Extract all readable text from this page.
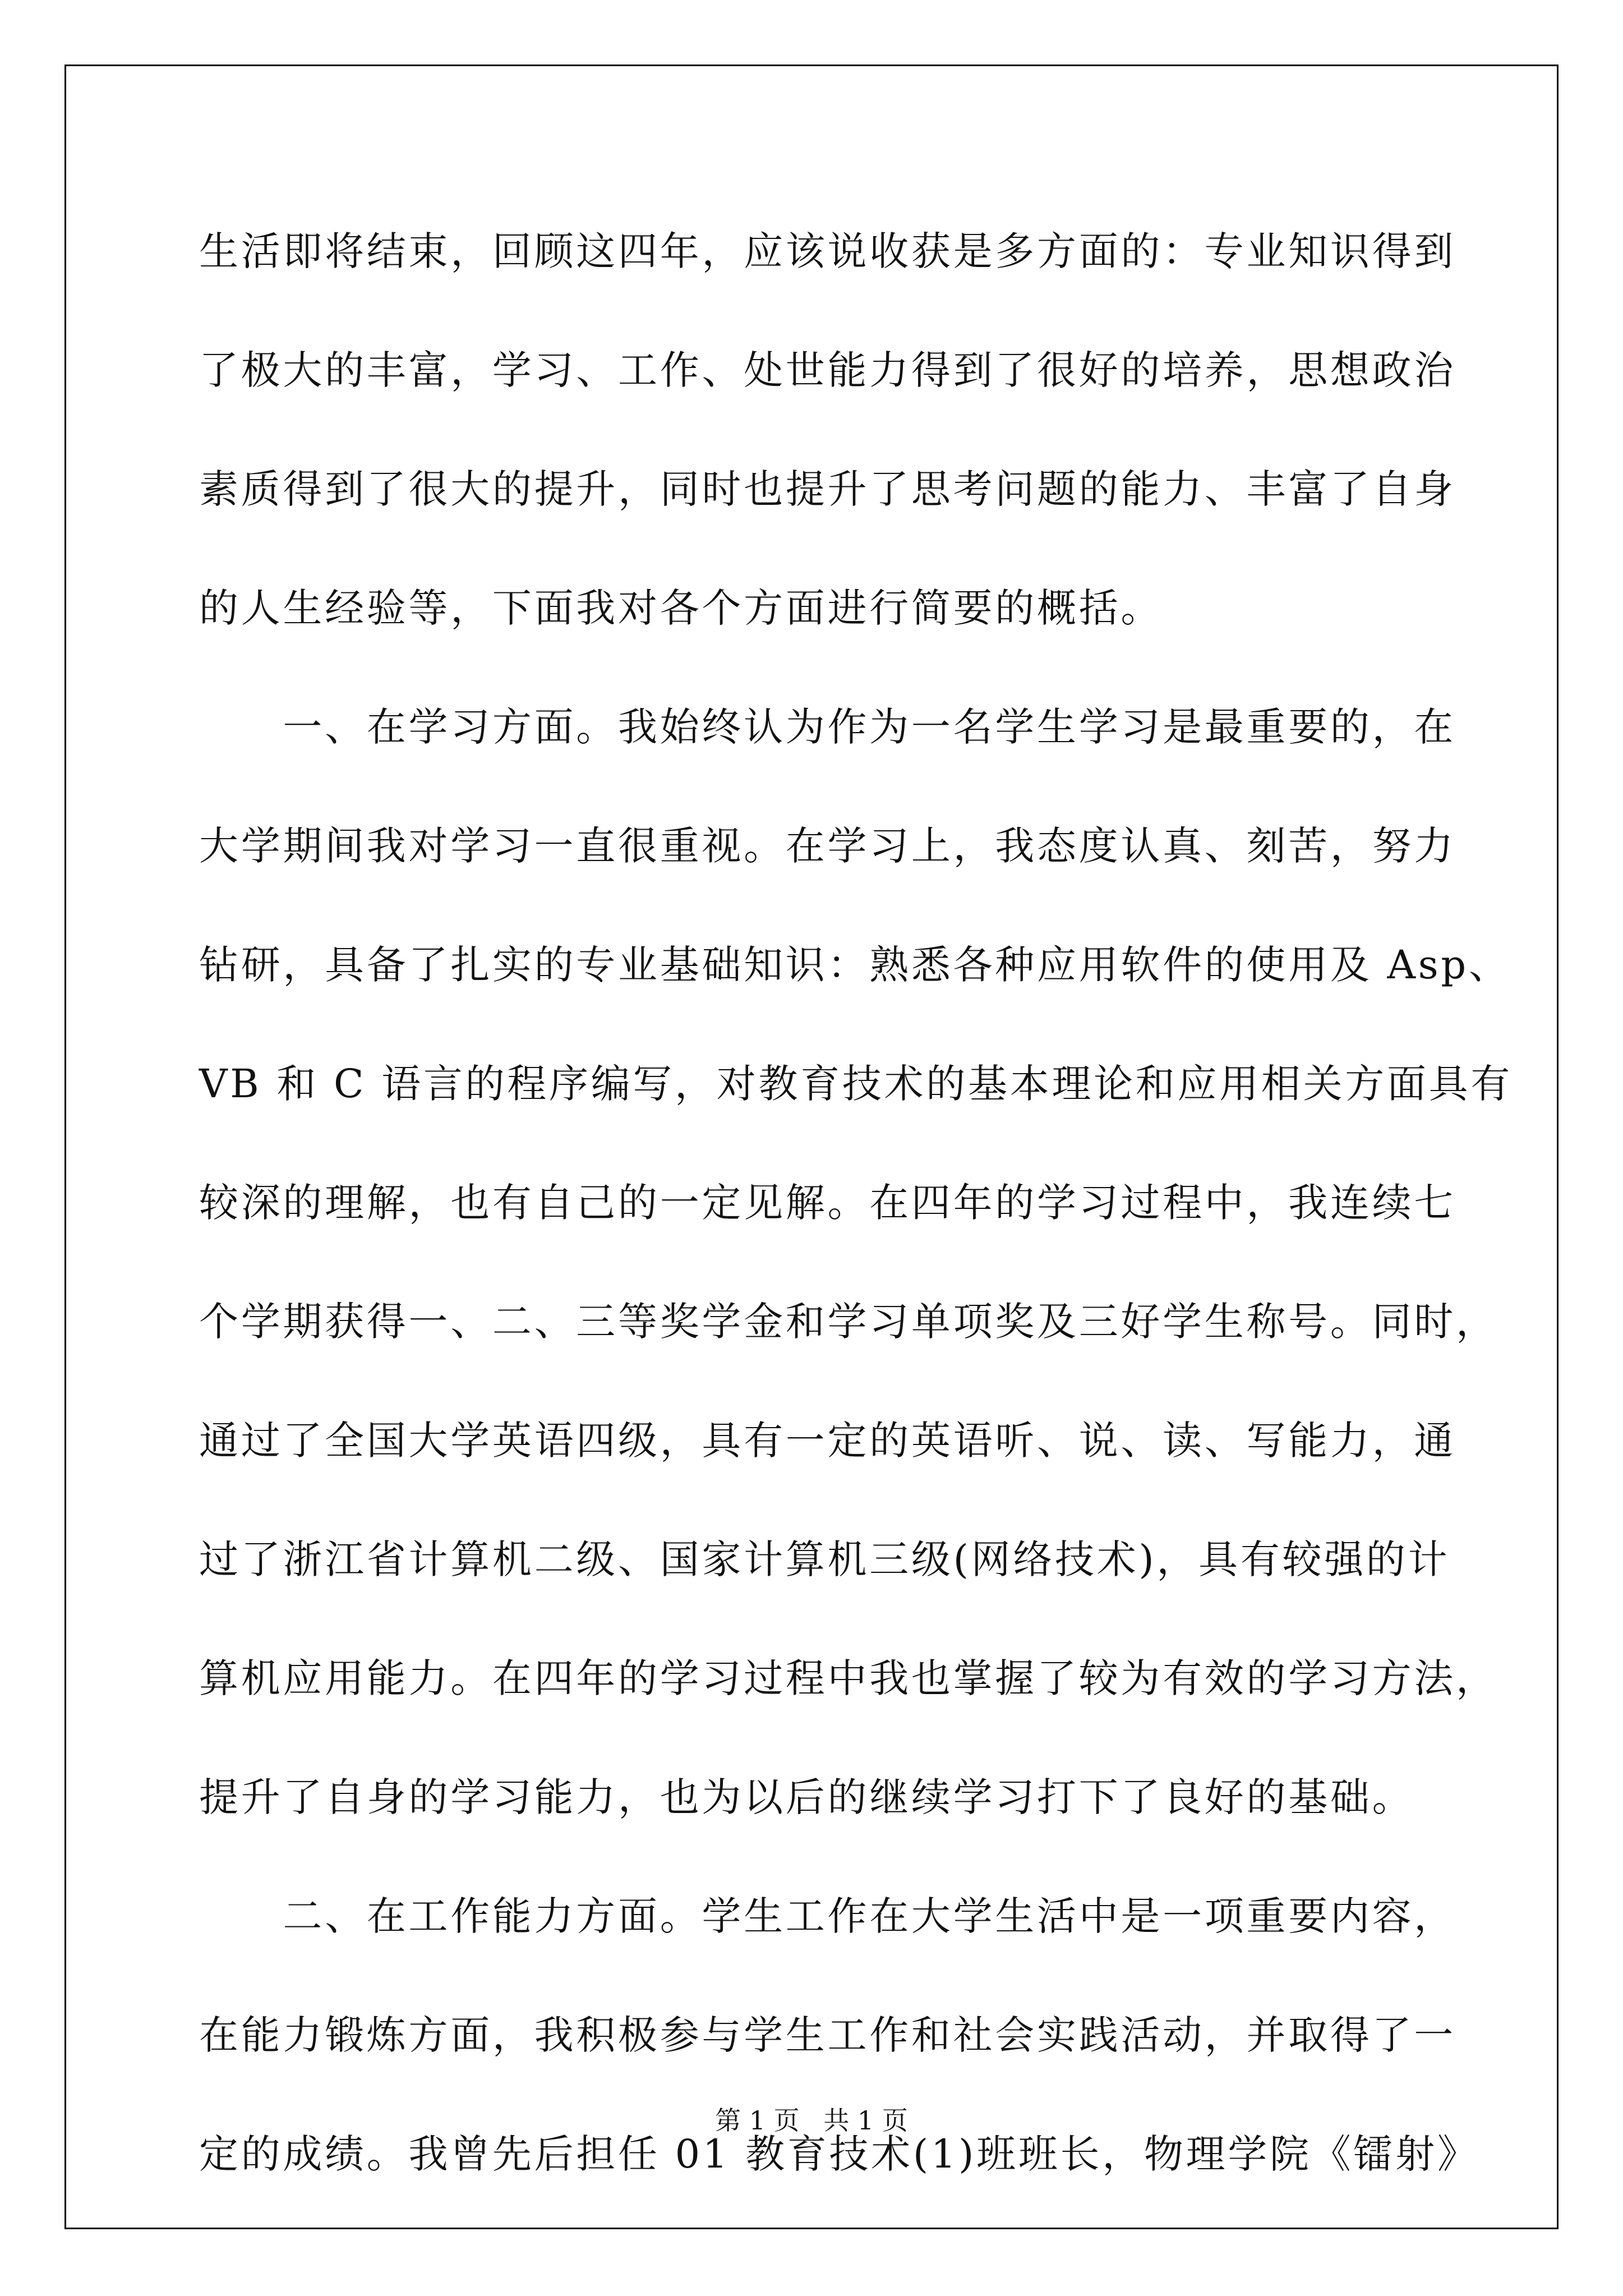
生活即将结束，回顾这四年，应该说收获是多方面的：专业知识得到
了极大的丰富，学习、工作、处世能力得到了很好的培养，思想政治
素质得到了很大的提升，同时也提升了思考问题的能力、丰富了自身
的人生经验等，下面我对各个方面进行简要的概括。
　　一、在学习方面。我始终认为作为一名学生学习是最重要的，在
大学期间我对学习一直很重视。在学习上，我态度认真、刻苦，努力
钻研，具备了扎实的专业基础知识：熟悉各种应用软件的使用及 Asp、
VB 和 C 语言的程序编写，对教育技术的基本理论和应用相关方面具有
较深的理解，也有自己的一定见解。在四年的学习过程中，我连续七
个学期获得一、二、三等奖学金和学习单项奖及三好学生称号。同时，
通过了全国大学英语四级，具有一定的英语听、说、读、写能力，通
过了浙江省计算机二级、国家计算机三级(网络技术)，具有较强的计
算机应用能力。在四年的学习过程中我也掌握了较为有效的学习方法，
提升了自身的学习能力，也为以后的继续学习打下了良好的基础。
　　二、在工作能力方面。学生工作在大学生活中是一项重要内容，
在能力锻炼方面，我积极参与学生工作和社会实践活动，并取得了一
定的成绩。我曾先后担任 01 教育技术(1)班班长，物理学院《镭射》
第 1 页 共 1 页
